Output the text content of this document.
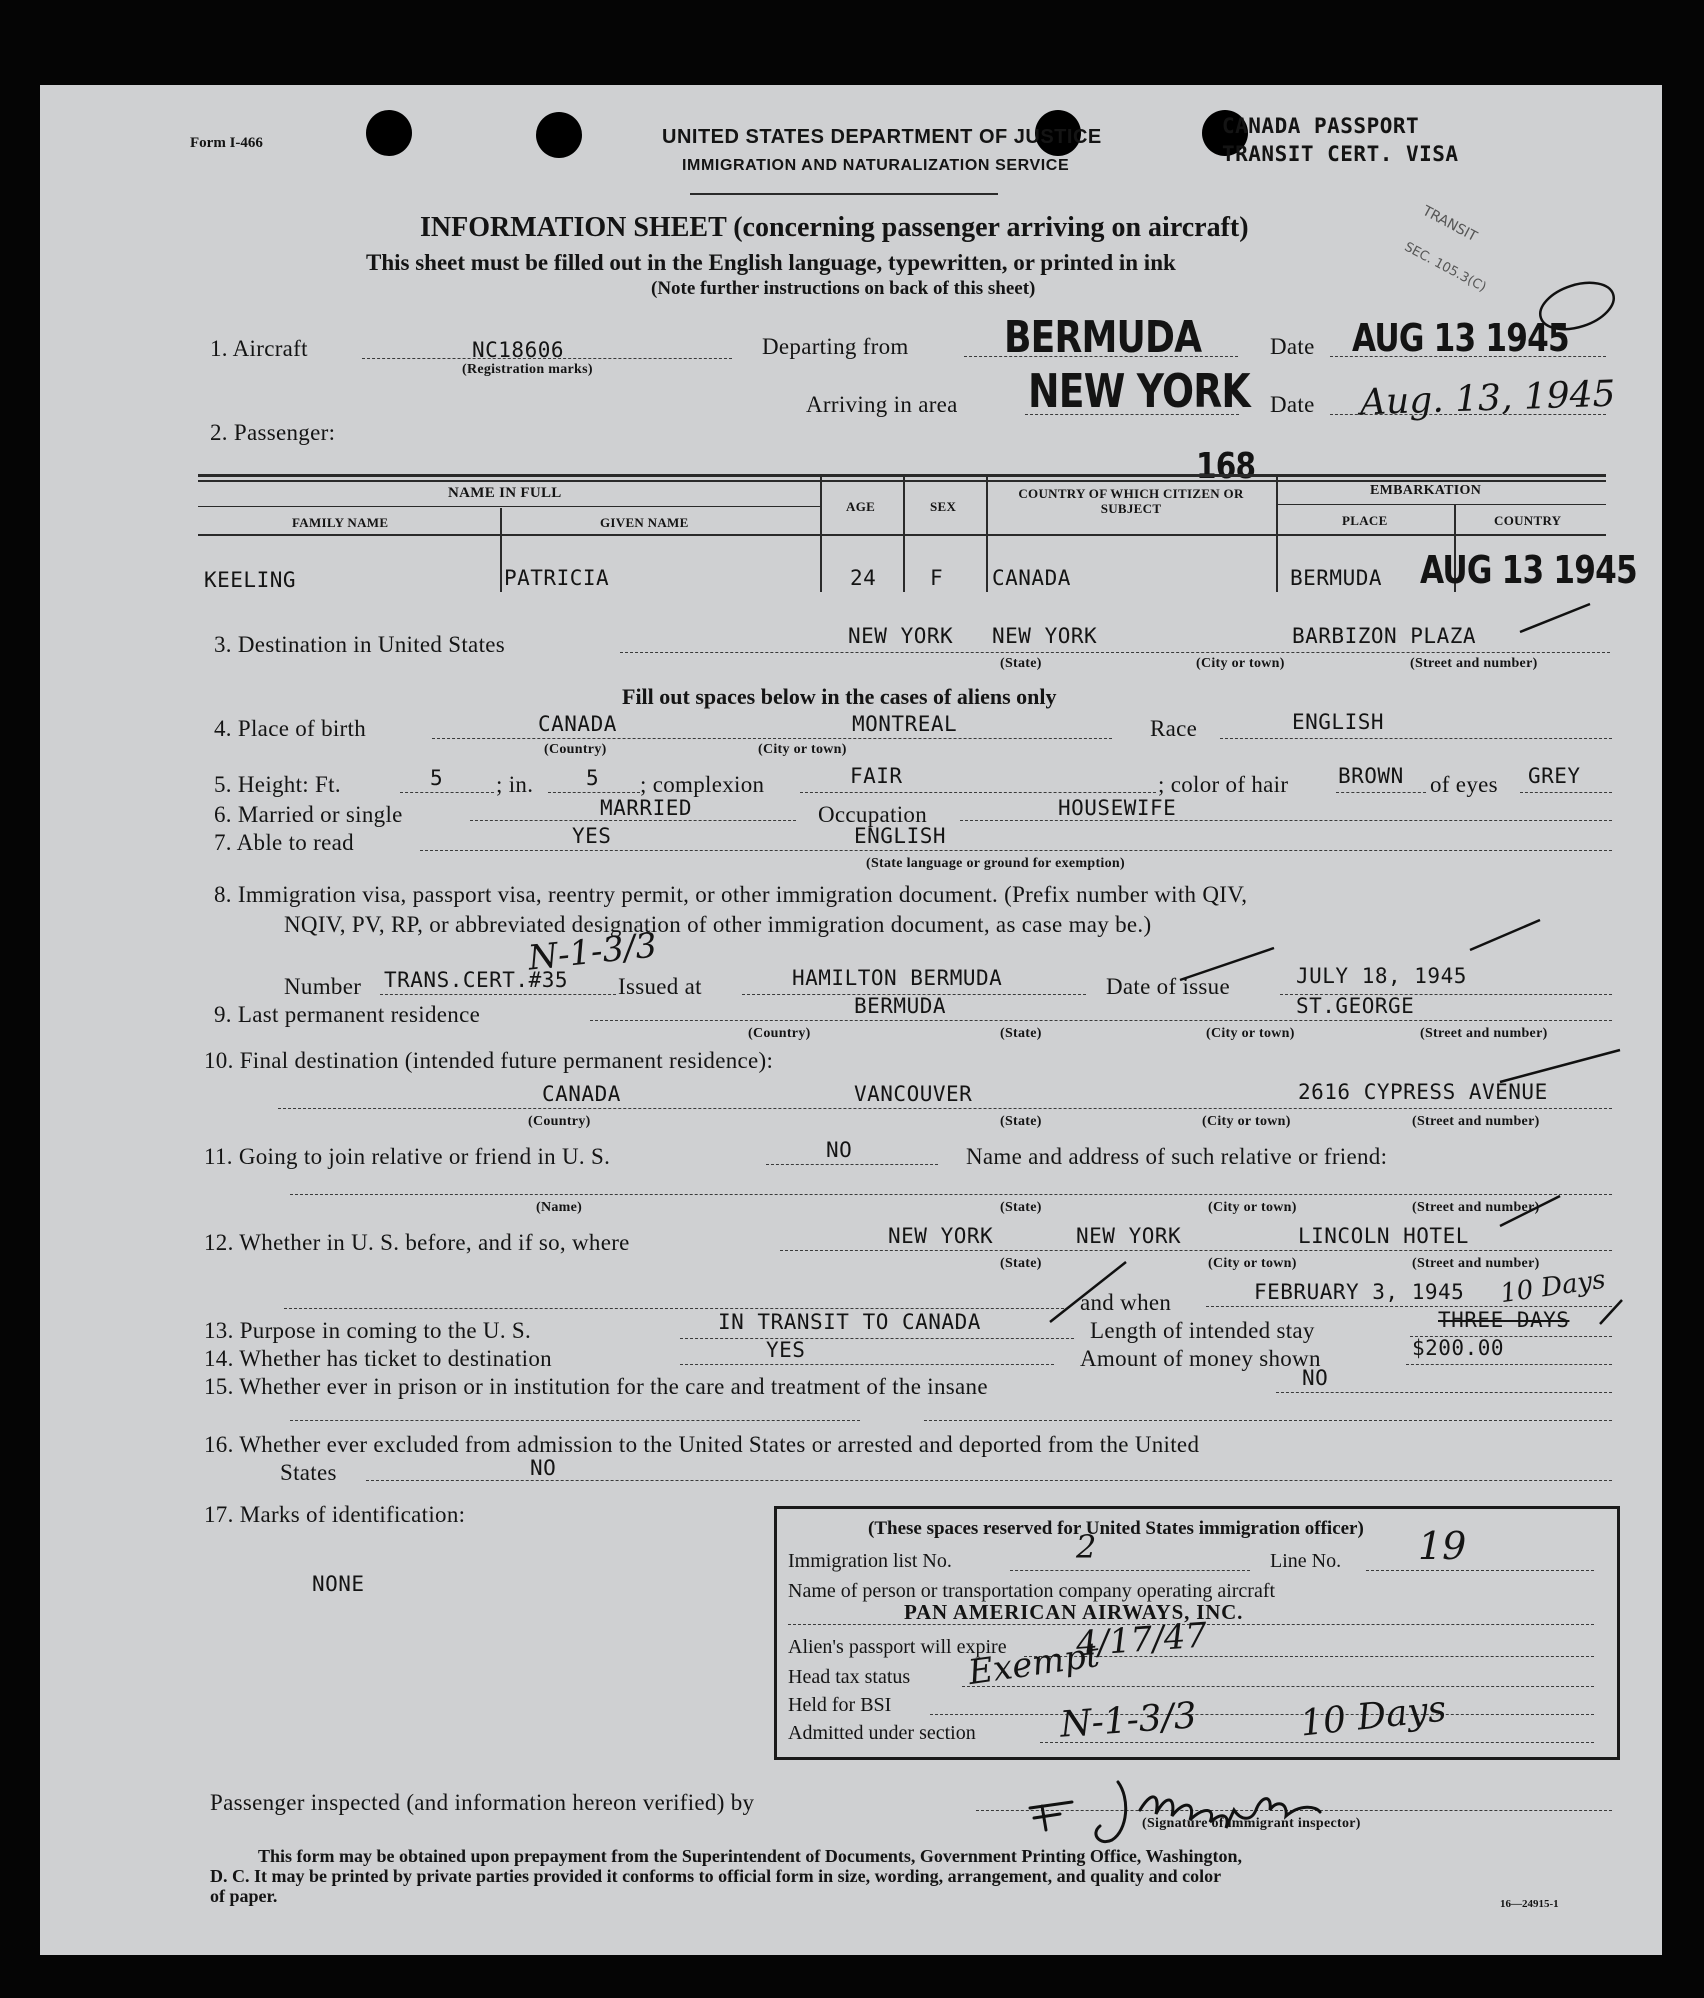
Form I-466	UNITED STATES DEPARTMENT OF JUSTICE
IMMIGRATION AND NATURALIZATION SERVICE
CANADA PASSPORT
TRANSIT CERT. VISA
TRANSIT
SEC. 105.3(C)
INFORMATION SHEET (concerning passenger arriving on aircraft)
This sheet must be filled out in the English language, typewritten, or printed in ink
(Note further instructions on back of this sheet)
1. Aircraft	NC18606
(Registration marks)
Departing from BERMUDA	Date AUG 13 1945
Arriving in area NEW YORK Date Aug. 13, 1945
2. Passenger:
168
NAME IN FULL
FAMILY NAME	GIVEN NAME
AGE	SEX
COUNTRY OF WHICH CITIZEN OR SUBJECT
EMBARKATION
PLACE	COUNTRY
KEELING	PATRICIA	24	F CANADA	BERMUDA AUG 13 1945
3. Destination in United States	NEW YORK NEW YORK	BARBIZON PLAZA
(State)	(City or town)	(Street and number)
Fill out spaces below in the cases of aliens only
4. Place of birth	CANADA	MONTREAL	Race	ENGLISH
(Country)	(City or town)
5. Height: Ft.	5 ; in.	5 ; complexion	FAIR	; color of hair BROWN of eyes GREY
6. Married or single	MARRIED	Occupation	HOUSEWIFE
7. Able to read	YES	ENGLISH
(State language or ground for exemption)
8. Immigration visa, passport visa, reentry permit, or other immigration document. (Prefix number with QIV,
NQIV, PV, RP, or abbreviated designation of other immigration document, as case may be.)
Number TRANS.CERT.#35
N-1-3/3
Issued at	HAMILTON BERMUDA	Date of issue	JULY 18, 1945
9. Last permanent residence	BERMUDA	ST.GEORGE
(Country)	(State)	(City or town)	(Street and number)
10. Final destination (intended future permanent residence):
CANADA	VANCOUVER	2616 CYPRESS AVENUE
(Country)	(State)	(City or town)	(Street and number)
11. Going to join relative or friend in U. S.	NO	Name and address of such relative or friend:
(Name)	(State)	(City or town)	(Street and number)
12. Whether in U. S. before, and if so, where	NEW YORK	NEW YORK	LINCOLN HOTEL
(State)	(City or town)	(Street and number)
and when	FEBRUARY 3, 1945 10 Days
13. Purpose in coming to the U. S.	IN TRANSIT TO CANADA	Length of intended stay	THREE DAYS
14. Whether has ticket to destination	YES	Amount of money shown	$200.00
15. Whether ever in prison or in institution for the care and treatment of the insane	NO
16. Whether ever excluded from admission to the United States or arrested and deported from the United
States	NO
17. Marks of identification:
NONE
(These spaces reserved for United States immigration officer)
Immigration list No.	2	Line No. 19
Name of person or transportation company operating aircraft
PAN AMERICAN AIRWAYS, INC.
Alien's passport will expire 4/17/47
Head tax status Exempt
Held for BSI
Admitted under section N-1-3/3	10 Days
Passenger inspected (and information hereon verified) by
(Signature of immigrant inspector)
This form may be obtained upon prepayment from the Superintendent of Documents, Government Printing Office, Washington,
D. C. It may be printed by private parties provided it conforms to official form in size, wording, arrangement, and quality and color
of paper.	16—24915-1
